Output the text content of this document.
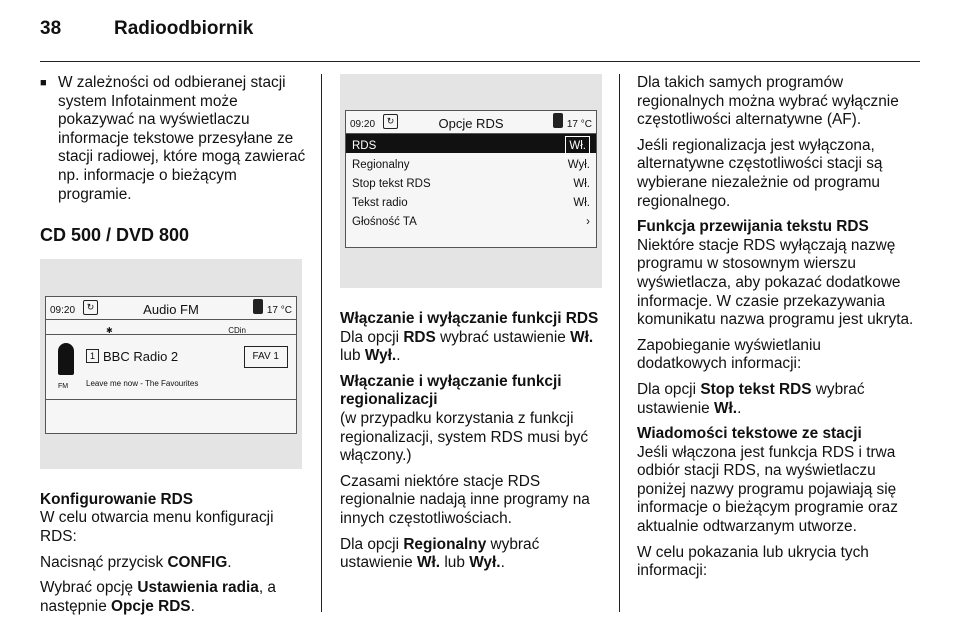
38	Radioodbiornik

■ W zależności od odbieranej stacji system Infotainment może pokazywać na wyświetlaczu informacje tekstowe przesyłane ze stacji radiowej, które mogą zawierać np. informacje o bieżącym programie.

CD 500 / DVD 800
09:20	↻	Audio FM	17 °C
✱	CDin
FM
1 BBC Radio 2	FAV 1
Leave me now - The Favourites
Konfigurowanie RDS

W celu otwarcia menu konfiguracji RDS:

Nacisnąć przycisk CONFIG.

Wybrać opcję Ustawienia radia, a następnie Opcje RDS.

09:20	↻	Opcje RDS	17 °C
RDS	Wł.
Regionalny	Wył.
Stop tekst RDS	Wł.
Tekst radio	Wł.
Głośność TA	›
Włączanie i wyłączanie funkcji RDS

Dla opcji RDS wybrać ustawienie Wł. lub Wył..

Włączanie i wyłączanie funkcji regionalizacji

(w przypadku korzystania z funkcji regionalizacji, system RDS musi być włączony.)

Czasami niektóre stacje RDS regionalnie nadają inne programy na innych częstotliwościach.

Dla opcji Regionalny wybrać ustawienie Wł. lub Wył..

Dla takich samych programów regionalnych można wybrać wyłącznie częstotliwości alternatywne (AF).

Jeśli regionalizacja jest wyłączona, alternatywne częstotliwości stacji są wybierane niezależnie od programu regionalnego.

Funkcja przewijania tekstu RDS

Niektóre stacje RDS wyłączają nazwę programu w stosownym wierszu wyświetlacza, aby pokazać dodatkowe informacje. W czasie przekazywania komunikatu nazwa programu jest ukryta.

Zapobieganie wyświetlaniu dodatkowych informacji:

Dla opcji Stop tekst RDS wybrać ustawienie Wł..

Wiadomości tekstowe ze stacji

Jeśli włączona jest funkcja RDS i trwa odbiór stacji RDS, na wyświetlaczu poniżej nazwy programu pojawiają się informacje o bieżącym programie oraz aktualnie odtwarzanym utworze.

W celu pokazania lub ukrycia tych informacji:
